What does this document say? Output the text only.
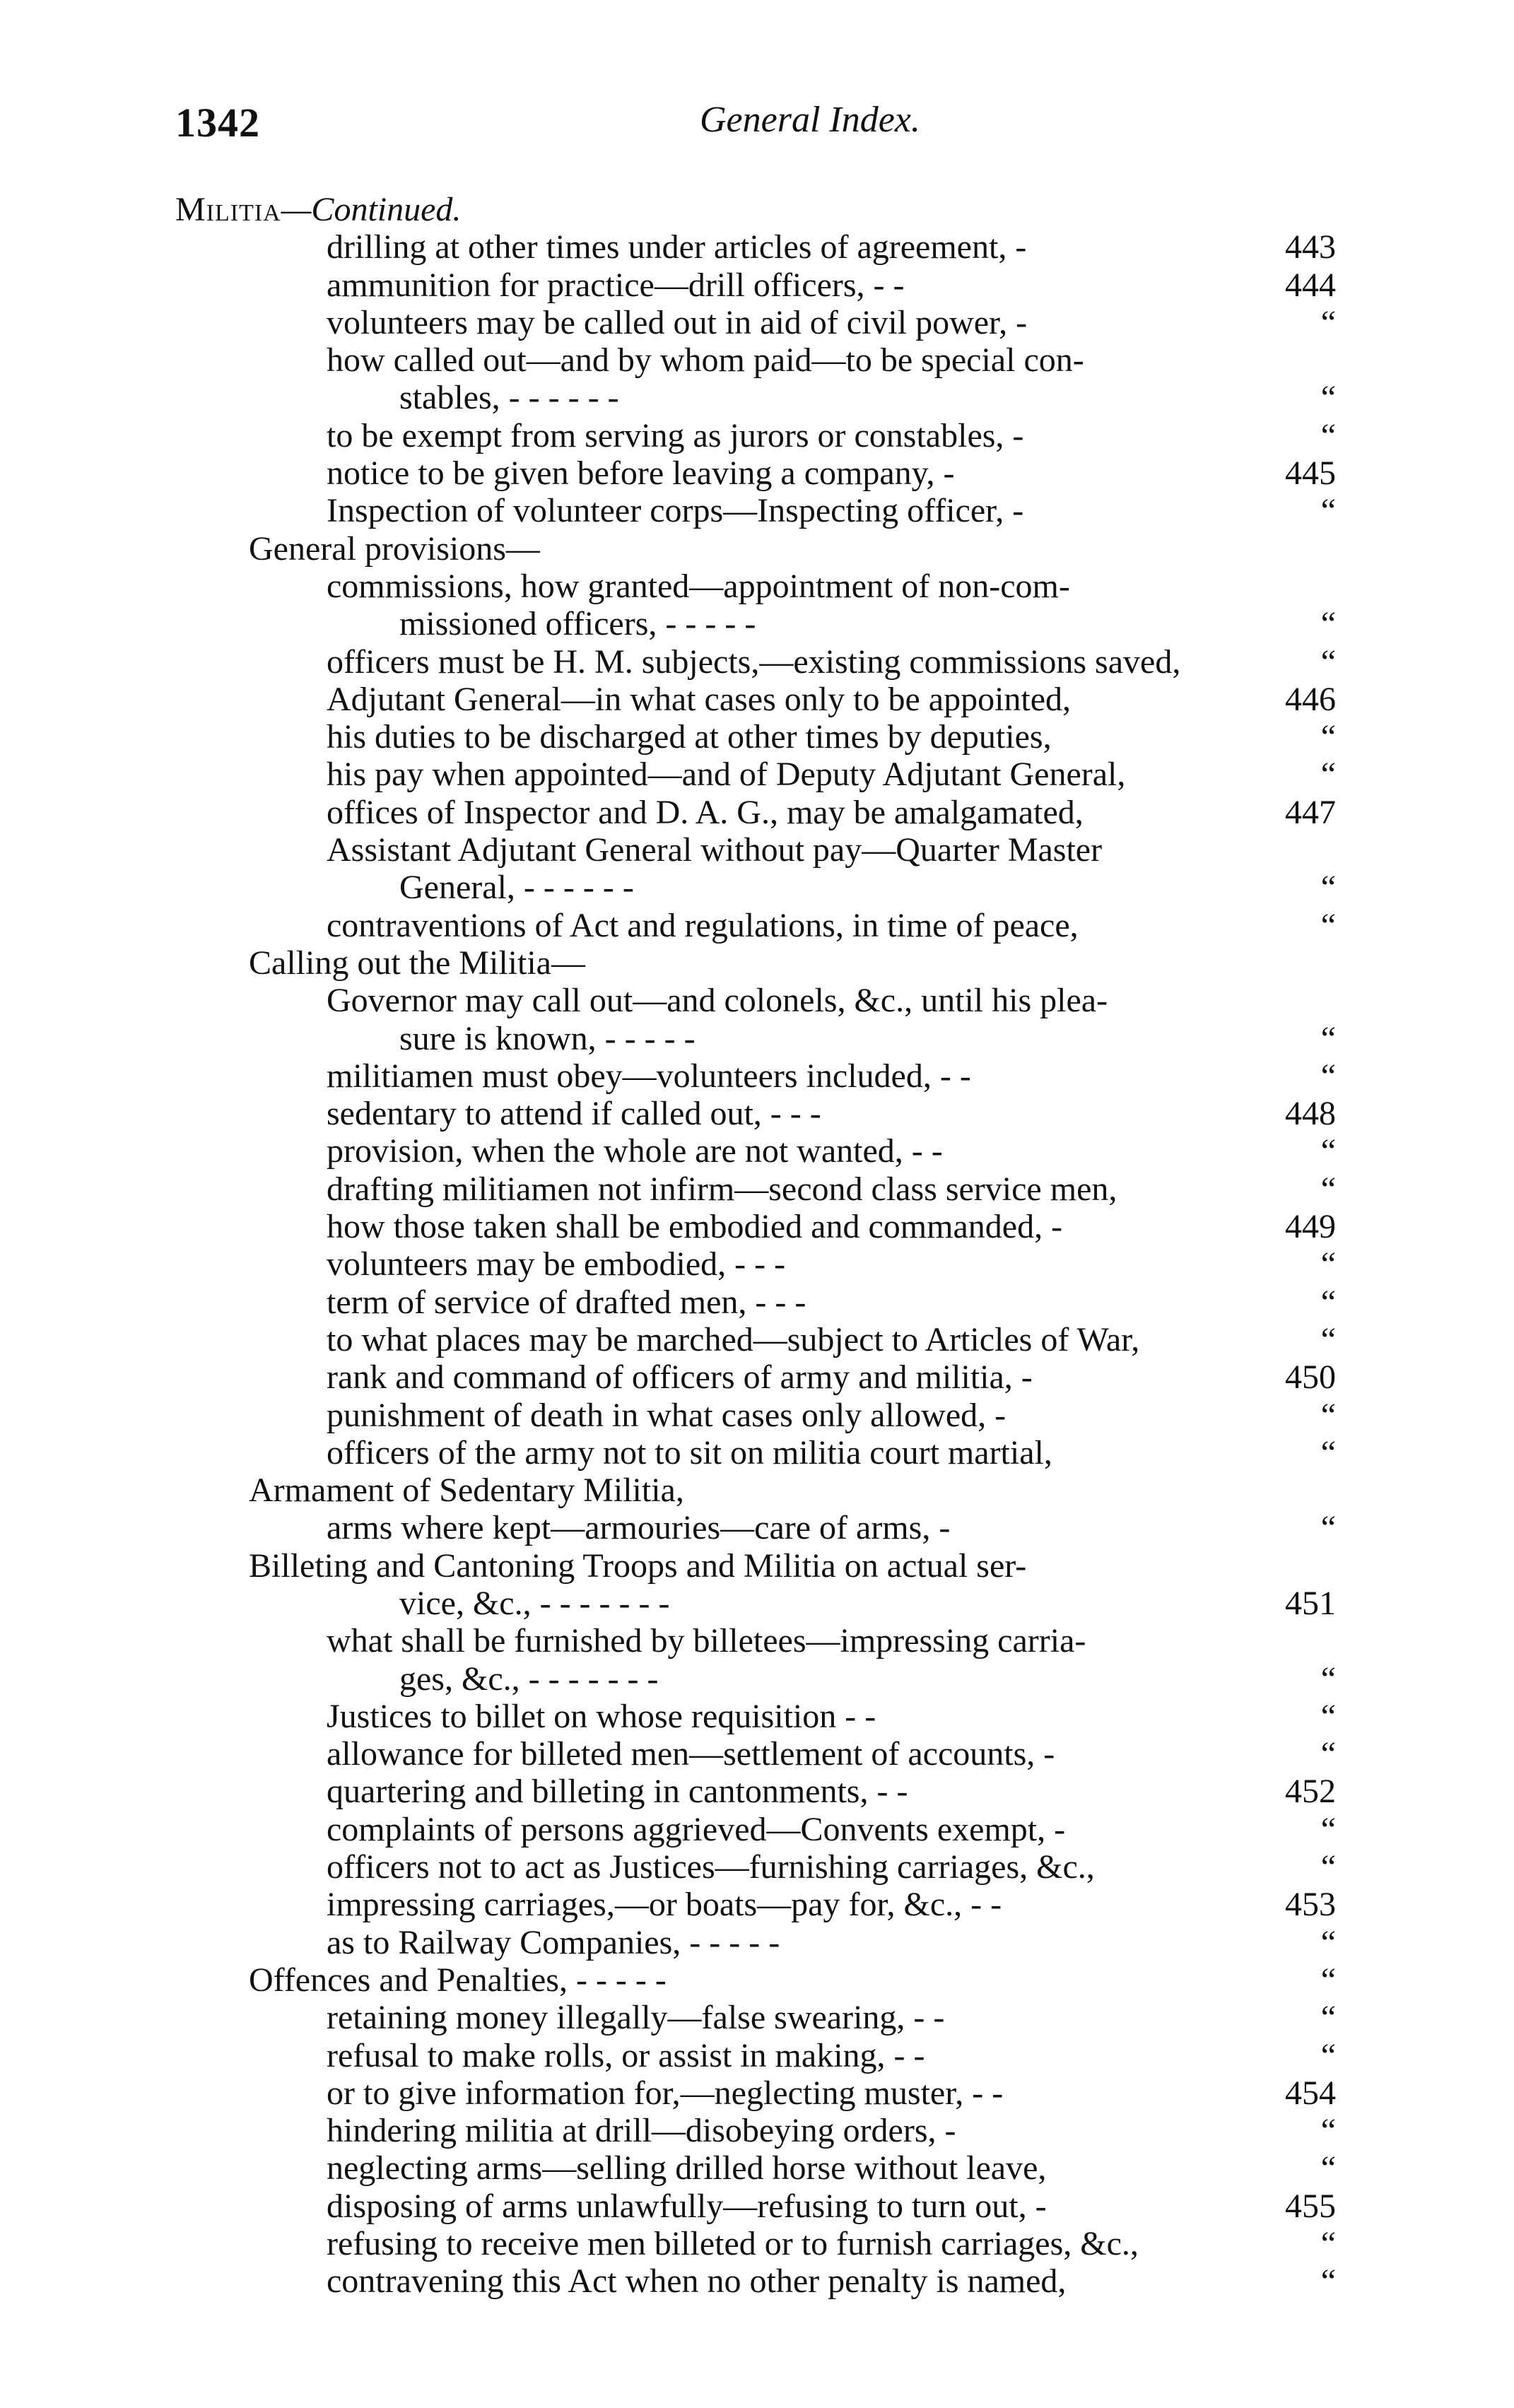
1342	General Index.
Militia—Continued.
drilling at other times under articles of agreement, -	443
ammunition for practice—drill officers, - -	444
volunteers may be called out in aid of civil power, -	“
how called out—and by whom paid—to be special con-
stables, - - - - - -	“
to be exempt from serving as jurors or constables, -	“
notice to be given before leaving a company, -	445
Inspection of volunteer corps—Inspecting officer, -	“
General provisions—
commissions, how granted—appointment of non-com-
missioned officers, - - - - -	“
officers must be H. M. subjects,—existing commissions saved,	“
Adjutant General—in what cases only to be appointed,	446
his duties to be discharged at other times by deputies,	“
his pay when appointed—and of Deputy Adjutant General,	“
offices of Inspector and D. A. G., may be amalgamated,	447
Assistant Adjutant General without pay—Quarter Master
General, - - - - - -	“
contraventions of Act and regulations, in time of peace,	“
Calling out the Militia—
Governor may call out—and colonels, &c., until his plea-
sure is known, - - - - -	“
militiamen must obey—volunteers included, - -	“
sedentary to attend if called out, - - -	448
provision, when the whole are not wanted, - -	“
drafting militiamen not infirm—second class service men,	“
how those taken shall be embodied and commanded, -	449
volunteers may be embodied, - - -	“
term of service of drafted men, - - -	“
to what places may be marched—subject to Articles of War,	“
rank and command of officers of army and militia, -	450
punishment of death in what cases only allowed, -	“
officers of the army not to sit on militia court martial,	“
Armament of Sedentary Militia,
arms where kept—armouries—care of arms, -	“
Billeting and Cantoning Troops and Militia on actual ser-
vice, &c., - - - - - - -	451
what shall be furnished by billetees—impressing carria-
ges, &c., - - - - - - -	“
Justices to billet on whose requisition - -	“
allowance for billeted men—settlement of accounts, -	“
quartering and billeting in cantonments, - -	452
complaints of persons aggrieved—Convents exempt, -	“
officers not to act as Justices—furnishing carriages, &c.,	“
impressing carriages,—or boats—pay for, &c., - -	453
as to Railway Companies, - - - - -	“
Offences and Penalties, - - - - -	“
retaining money illegally—false swearing, - -	“
refusal to make rolls, or assist in making, - -	“
or to give information for,—neglecting muster, - -	454
hindering militia at drill—disobeying orders, -	“
neglecting arms—selling drilled horse without leave,	“
disposing of arms unlawfully—refusing to turn out, -	455
refusing to receive men billeted or to furnish carriages, &c.,	“
contravening this Act when no other penalty is named,	“
